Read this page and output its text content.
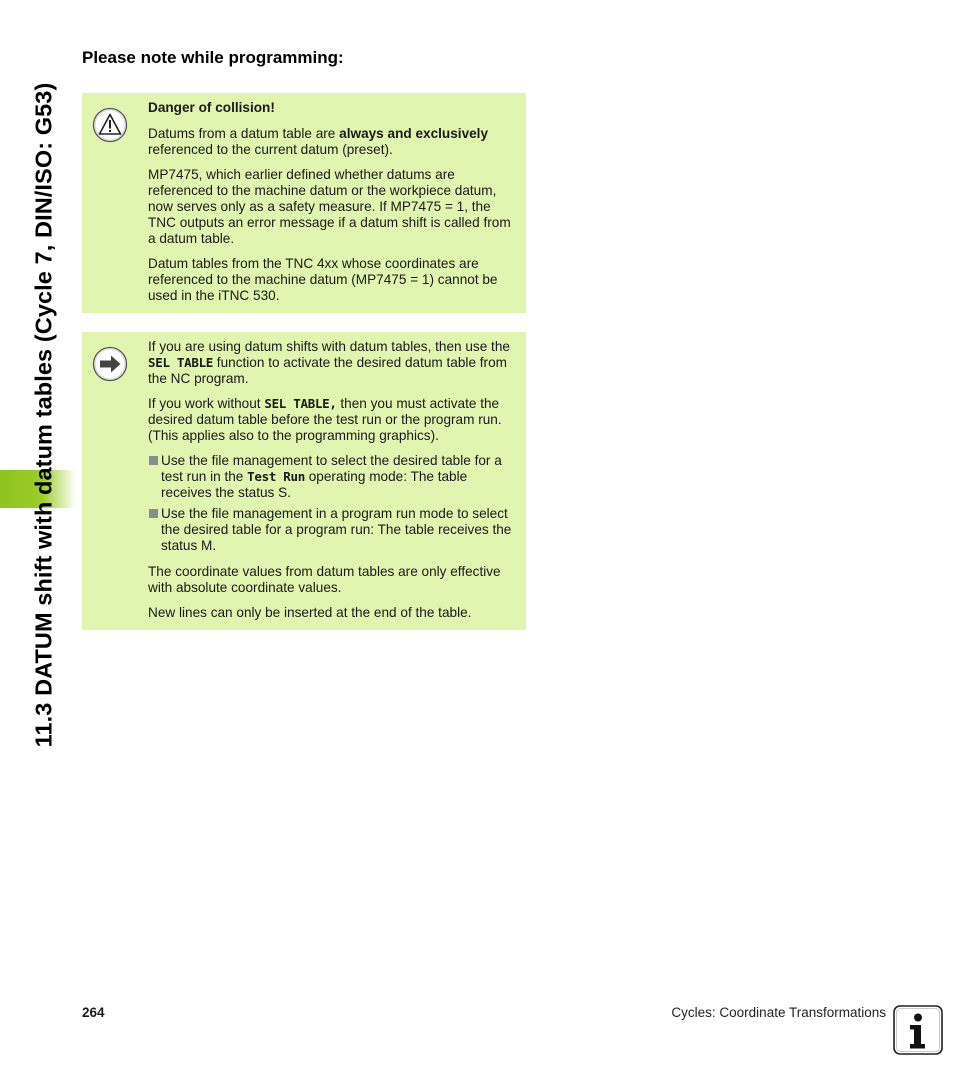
11.3 DATUM shift with datum tables (Cycle 7, DIN/ISO: G53)
Please note while programming:

Danger of collision!

Datums from a datum table are always and exclusively referenced to the current datum (preset).

MP7475, which earlier defined whether datums are referenced to the machine datum or the workpiece datum, now serves only as a safety measure. If MP7475 = 1, the TNC outputs an error message if a datum shift is called from a datum table.

Datum tables from the TNC 4xx whose coordinates are referenced to the machine datum (MP7475 = 1) cannot be used in the iTNC 530.

If you are using datum shifts with datum tables, then use the SEL TABLE function to activate the desired datum table from the NC program.

If you work without SEL TABLE, then you must activate the desired datum table before the test run or the program run. (This applies also to the programming graphics).

Use the file management to select the desired table for a test run in the Test Run operating mode: The table receives the status S.
Use the file management in a program run mode to select the desired table for a program run: The table receives the status M.

The coordinate values from datum tables are only effective with absolute coordinate values.

New lines can only be inserted at the end of the table.

264	Cycles: Coordinate Transformations
